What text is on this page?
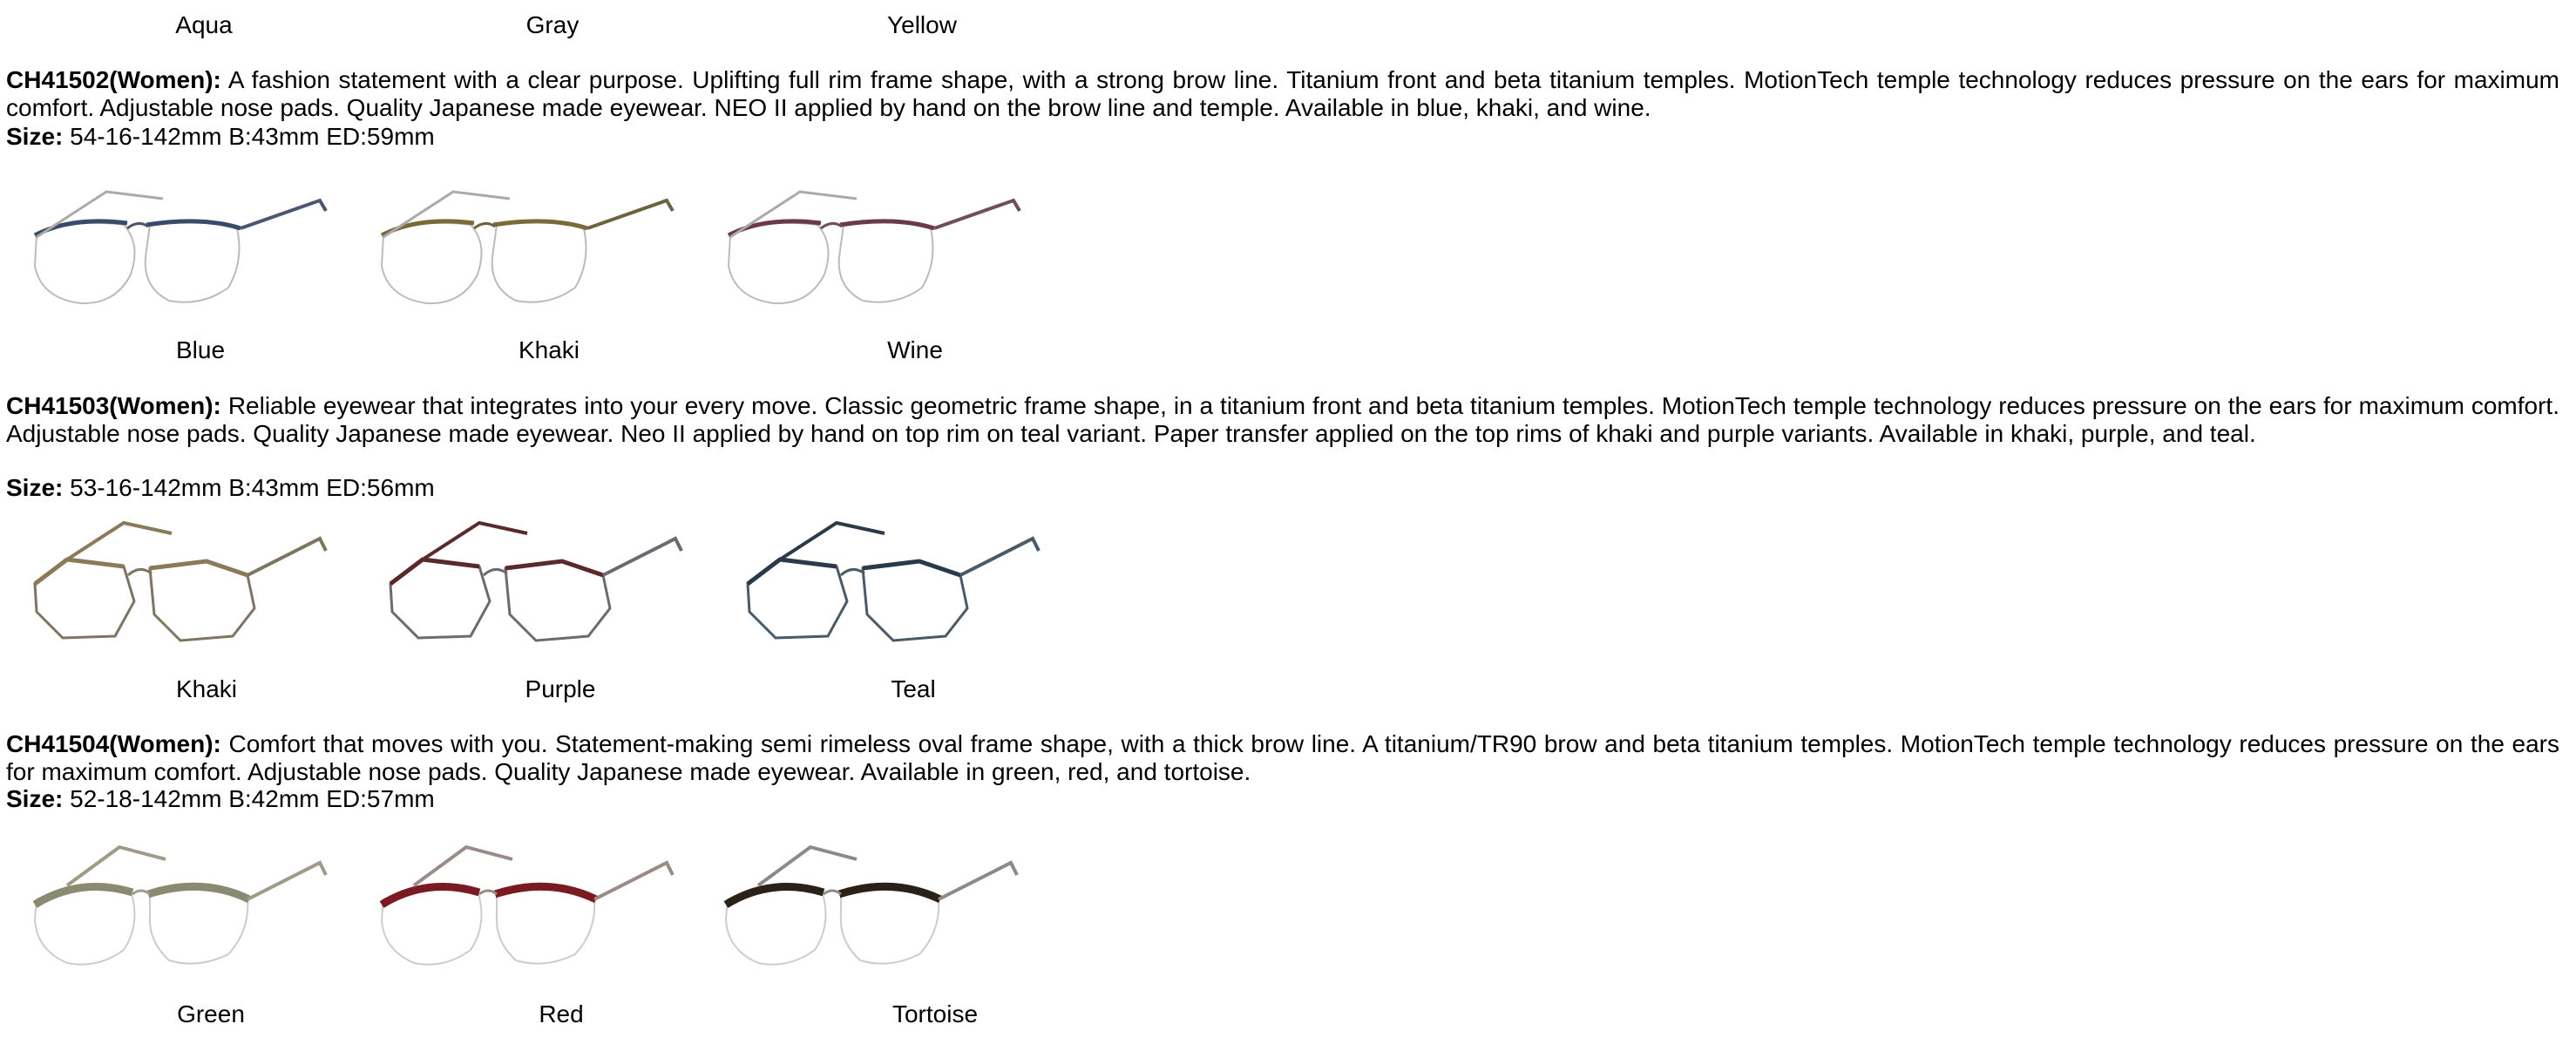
Aqua	Gray	Yellow
CH41502(Women): A fashion statement with a clear purpose. Uplifting full rim frame shape, with a strong brow line. Titanium front and beta titanium temples. MotionTech temple technology reduces pressure on the ears for maximum comfort. Adjustable nose pads. Quality Japanese made eyewear. NEO II applied by hand on the brow line and temple. Available in blue, khaki, and wine.
Size: 54-16-142mm B:43mm ED:59mm
Blue	Khaki	Wine
CH41503(Women): Reliable eyewear that integrates into your every move. Classic geometric frame shape, in a titanium front and beta titanium temples. MotionTech temple technology reduces pressure on the ears for maximum comfort. Adjustable nose pads. Quality Japanese made eyewear. Neo II applied by hand on top rim on teal variant. Paper transfer applied on the top rims of khaki and purple variants. Available in khaki, purple, and teal.
Size: 53-16-142mm B:43mm ED:56mm
Khaki	Purple	Teal
CH41504(Women): Comfort that moves with you. Statement-making semi rimeless oval frame shape, with a thick brow line. A titanium/TR90 brow and beta titanium temples. MotionTech temple technology reduces pressure on the ears for maximum comfort. Adjustable nose pads. Quality Japanese made eyewear. Available in green, red, and tortoise.
Size: 52-18-142mm B:42mm ED:57mm
Green	Red	Tortoise
